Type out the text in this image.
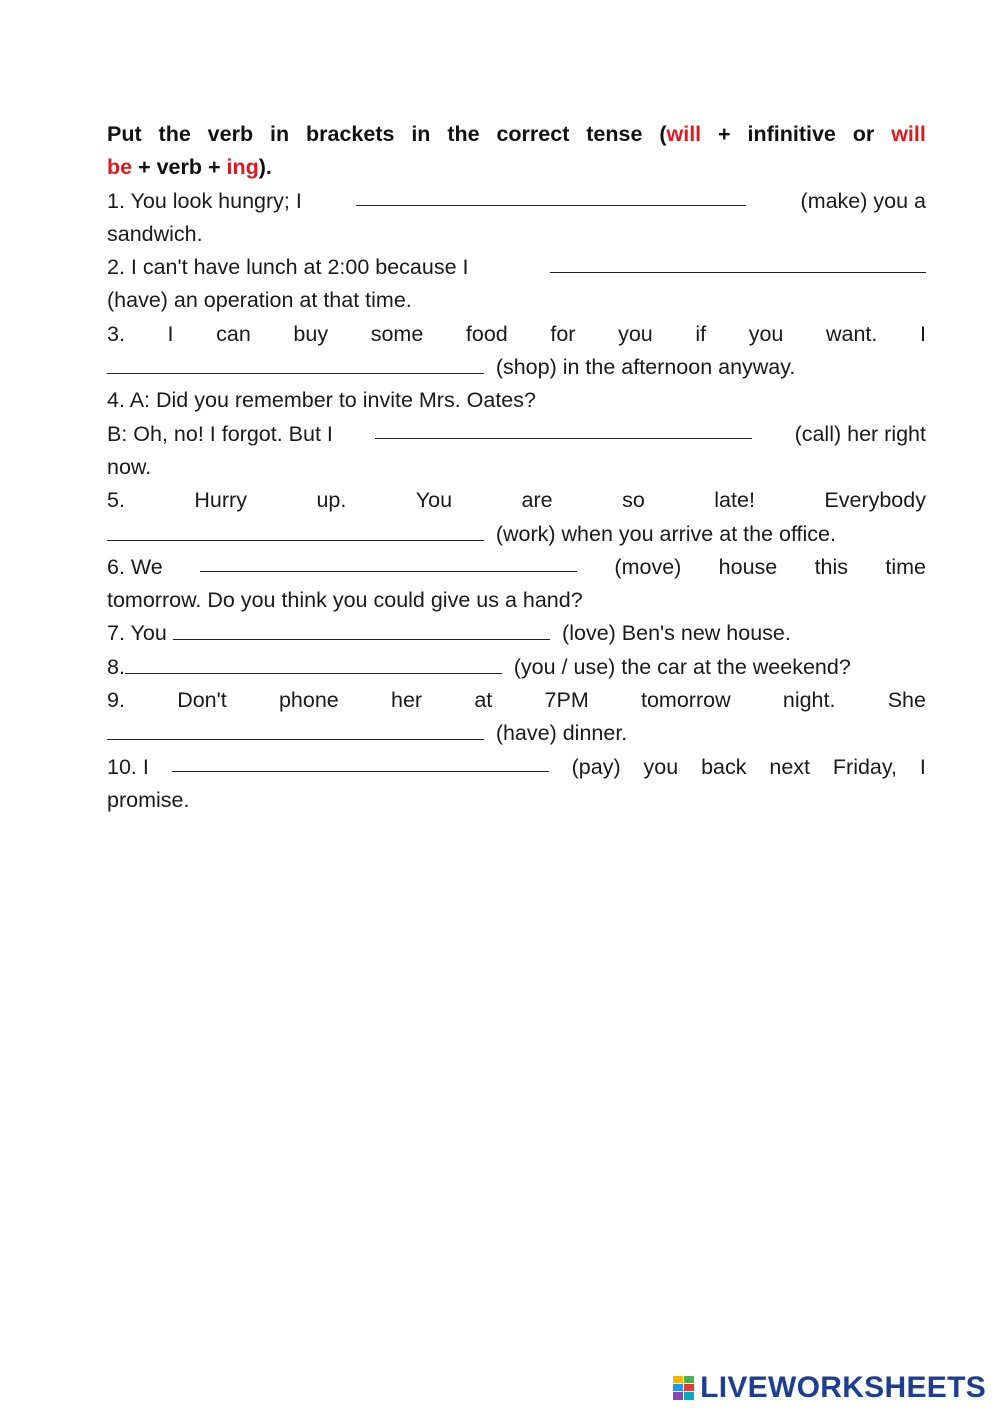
Put the verb in brackets in the correct tense (will + infinitive or will
be + verb + ing).
1. You look hungry; I	(make) you a
sandwich.
2. I can't have lunch at 2:00 because I
(have) an operation at that time.
3. I can buy some food for you if you want. I
(shop) in the afternoon anyway.
4. A: Did you remember to invite Mrs. Oates?
B: Oh, no! I forgot. But I	(call) her right
now.
5.	Hurry	up.	You	are	so	late!	Everybody
(work) when you arrive at the office.
6. We	(move) house this time
tomorrow. Do you think you could give us a hand?
7. You	(love) Ben's new house.
8.	(you / use) the car at the weekend?
9. Don't phone her at 7PM tomorrow night. She
(have) dinner.
10. I	(pay) you back next Friday, I
promise.
LIVEWORKSHEETS
